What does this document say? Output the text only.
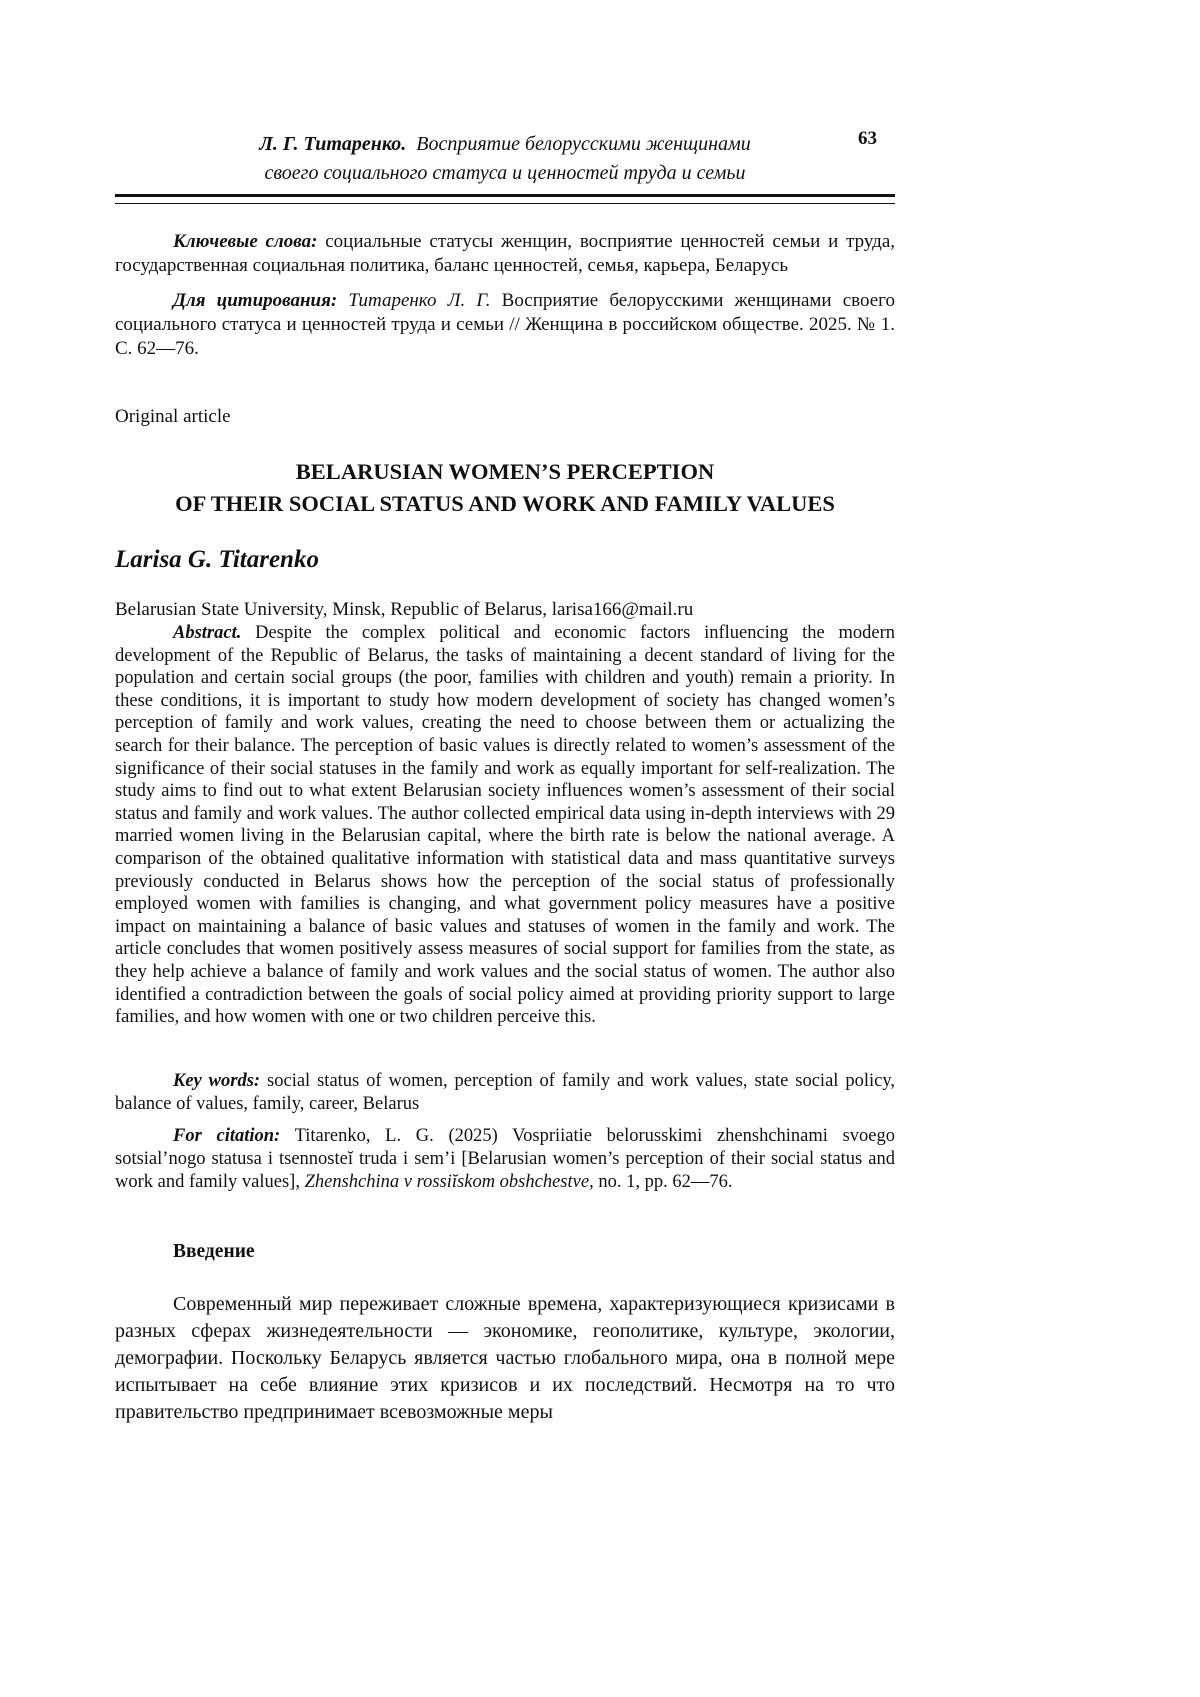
Л. Г. Титаренко. Восприятие белорусскими женщинами
своего социального статуса и ценностей труда и семьи
63
Ключевые слова: социальные статусы женщин, восприятие ценностей семьи и труда, государственная социальная политика, баланс ценностей, семья, карьера, Беларусь
Для цитирования: Титаренко Л. Г. Восприятие белорусскими женщинами своего социального статуса и ценностей труда и семьи // Женщина в российском обществе. 2025. № 1. С. 62—76.
Original article
BELARUSIAN WOMEN’S PERCEPTION
OF THEIR SOCIAL STATUS AND WORK AND FAMILY VALUES
Larisa G. Titarenko
Belarusian State University, Minsk, Republic of Belarus, larisa166@mail.ru
Abstract. Despite the complex political and economic factors influencing the modern development of the Republic of Belarus, the tasks of maintaining a decent standard of living for the population and certain social groups (the poor, families with children and youth) remain a priority. In these conditions, it is important to study how modern development of society has changed women’s perception of family and work values, creating the need to choose between them or actualizing the search for their balance. The perception of basic values is directly related to women’s assessment of the significance of their social statuses in the family and work as equally important for self-realization. The study aims to find out to what extent Belarusian society influences women’s assessment of their social status and family and work values. The author collected empirical data using in-depth interviews with 29 married women living in the Belarusian capital, where the birth rate is below the national average. A comparison of the obtained qualitative information with statistical data and mass quantitative surveys previously conducted in Belarus shows how the perception of the social status of professionally employed women with families is changing, and what government policy measures have a positive impact on maintaining a balance of basic values and statuses of women in the family and work. The article concludes that women positively assess measures of social support for families from the state, as they help achieve a balance of family and work values and the social status of women. The author also identified a contradiction between the goals of social policy aimed at providing priority support to large families, and how women with one or two children perceive this.
Key words: social status of women, perception of family and work values, state social policy, balance of values, family, career, Belarus
For citation: Titarenko, L. G. (2025) Vospriiatie belorusskimi zhenshchinami svoego sotsial’nogo statusa i tsennosteĭ truda i sem’i [Belarusian women’s perception of their social status and work and family values], Zhenshchina v rossiĭskom obshchestve, no. 1, pp. 62—76.
Введение
Современный мир переживает сложные времена, характеризующиеся кризисами в разных сферах жизнедеятельности — экономике, геополитике, культуре, экологии, демографии. Поскольку Беларусь является частью глобального мира, она в полной мере испытывает на себе влияние этих кризисов и их последствий. Несмотря на то что правительство предпринимает всевозможные меры
